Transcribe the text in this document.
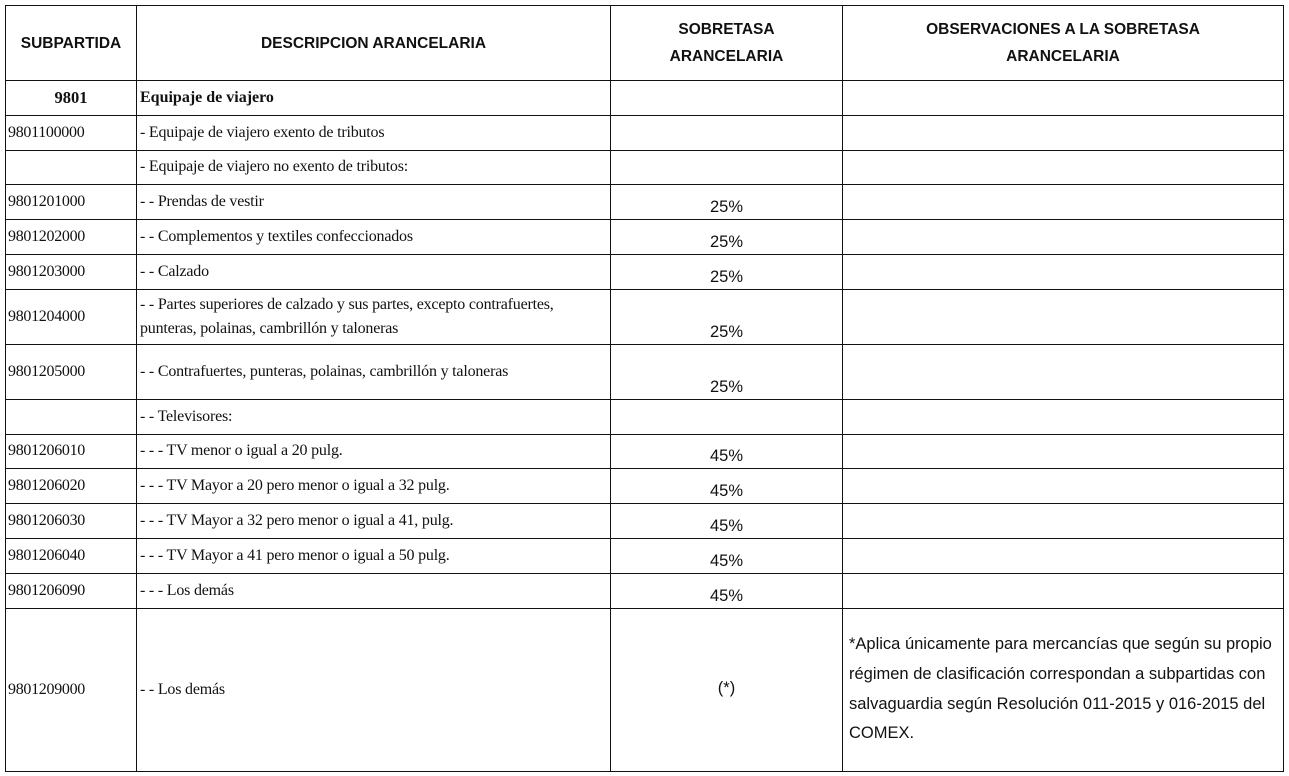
SUBPARTIDA	DESCRIPCION ARANCELARIA	SOBRETASA ARANCELARIA	OBSERVACIONES A LA SOBRETASA ARANCELARIA
9801	Equipaje de viajero		
9801100000	- Equipaje de viajero exento de tributos		
	- Equipaje de viajero no exento de tributos:		
9801201000	- - Prendas de vestir	25%	
9801202000	- - Complementos y textiles confeccionados	25%	
9801203000	- - Calzado	25%	
9801204000	- - Partes superiores de calzado y sus partes, excepto contrafuertes, punteras, polainas, cambrillón y taloneras	25%	
9801205000	- - Contrafuertes, punteras, polainas, cambrillón y taloneras	25%	
	- - Televisores:		
9801206010	- - - TV menor o igual a 20 pulg.	45%	
9801206020	- - - TV Mayor a 20 pero menor o igual a 32 pulg.	45%	
9801206030	- - - TV Mayor a 32 pero menor o igual a 41, pulg.	45%	
9801206040	- - - TV Mayor a 41 pero menor o igual a 50 pulg.	45%	
9801206090	- - - Los demás	45%	
9801209000	- - Los demás	(*)	*Aplica únicamente para mercancías que según su propio régimen de clasificación correspondan a subpartidas con salvaguardia según Resolución 011-2015 y 016-2015 del COMEX.
